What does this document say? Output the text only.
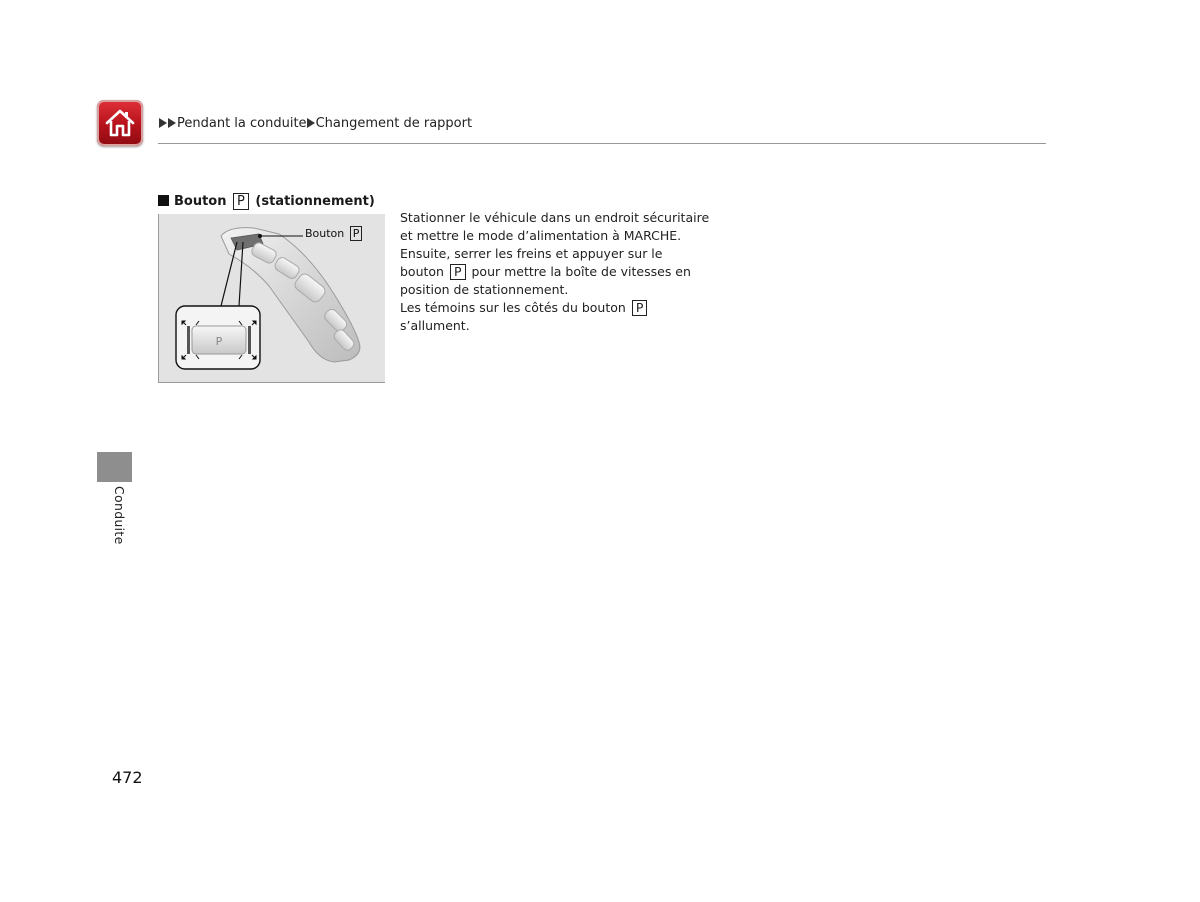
Pendant la conduite Changement de rapport
Bouton P (stationnement)
P
Bouton P
Stationner le véhicule dans un endroit sécuritaire et mettre le mode d’alimentation à MARCHE. Ensuite, serrer les freins et appuyer sur le bouton P pour mettre la boîte de vitesses en position de stationnement.
Les témoins sur les côtés du bouton P s’allument.
Conduite
472
